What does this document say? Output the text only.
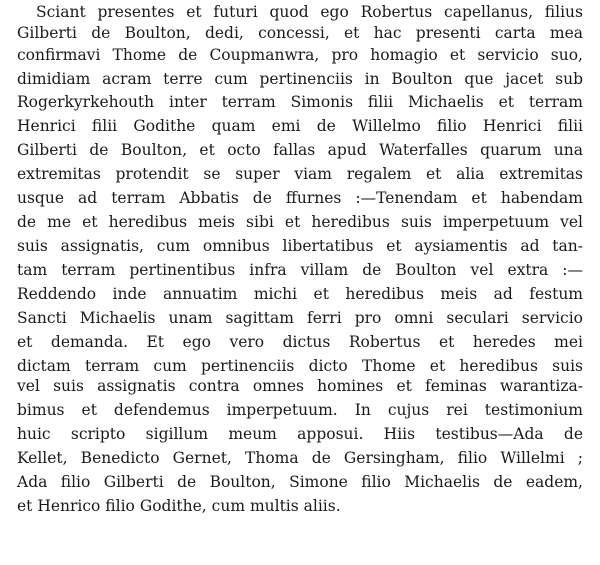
Sciant presentes et futuri quod ego Robertus capellanus, filius

Gilberti de Boulton, dedi, concessi, et hac presenti carta mea

confirmavi Thome de Coupmanwra, pro homagio et servicio suo,

dimidiam acram terre cum pertinenciis in Boulton que jacet sub

Rogerkyrkehouth inter terram Simonis filii Michaelis et terram

Henrici filii Godithe quam emi de Willelmo filio Henrici filii

Gilberti de Boulton, et octo fallas apud Waterfalles quarum una

extremitas protendit se super viam regalem et alia extremitas

usque ad terram Abbatis de ffurnes :—Tenendam et habendam

de me et heredibus meis sibi et heredibus suis imperpetuum vel

suis assignatis, cum omnibus libertatibus et aysiamentis ad tan-

tam terram pertinentibus infra villam de Boulton vel extra :—

Reddendo inde annuatim michi et heredibus meis ad festum

Sancti Michaelis unam sagittam ferri pro omni seculari servicio

et demanda. Et ego vero dictus Robertus et heredes mei

dictam terram cum pertinenciis dicto Thome et heredibus suis

vel suis assignatis contra omnes homines et feminas warantiza-

bimus et defendemus imperpetuum. In cujus rei testimonium

huic scripto sigillum meum apposui. Hiis testibus—Ada de

Kellet, Benedicto Gernet, Thoma de Gersingham, filio Willelmi ;

Ada filio Gilberti de Boulton, Simone filio Michaelis de eadem,

et Henrico filio Godithe, cum multis aliis.
